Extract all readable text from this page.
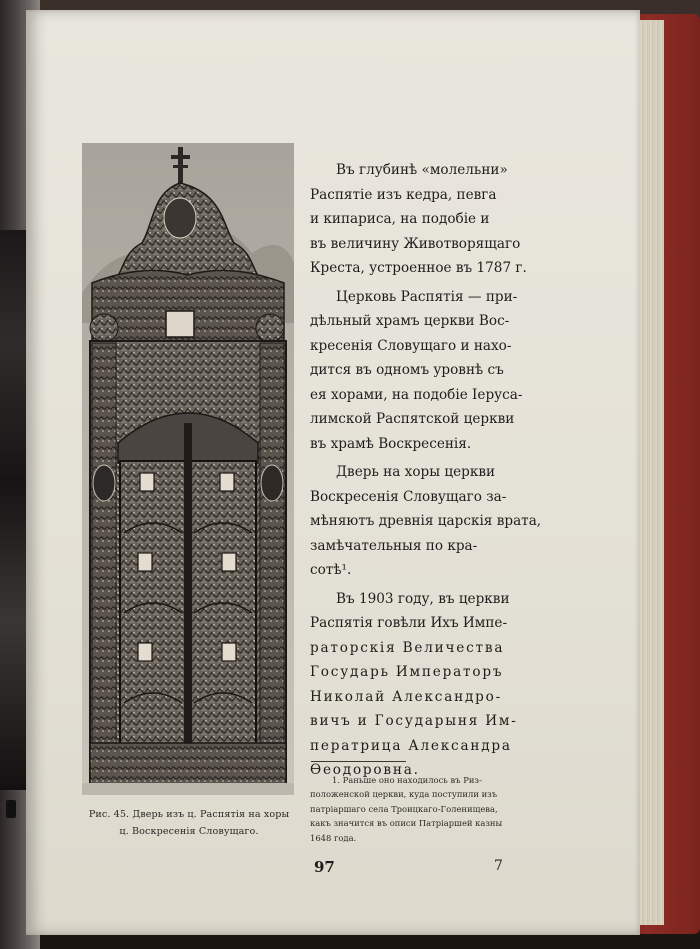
Рис. 45. Дверь изъ ц. Распятія на хоры
ц. Воскресенія Словущаго.

Въ глубинѣ «молельни»
Распятіе изъ кедра, певга
и кипариса, на подобіе и
въ величину Животворящаго
Креста, устроенное въ 1787 г.

Церковь Распятія — при-
дѣльный храмъ церкви Вос-
кресенія Словущаго и нахо-
дится въ одномъ уровнѣ съ
ея хорами, на подобіе Іеруса-
лимской Распятской церкви
въ храмѣ Воскресенія.

Дверь на хоры церкви
Воскресенія Словущаго за-
мѣняютъ древнія царскія врата,
замѣчательныя по кра-
сотѣ¹.

Въ 1903 году, въ церкви
Распятія говѣли Ихъ Импе-
раторскія Величества
Государь Императоръ
Николай Александро-
вичъ и Государыня Им-
ператрица Александра
Ѳеодоровна.

1. Раньше оно находилось въ Риз-
положенской церкви, куда поступили изъ
патріаршаго села Троицкаго-Голенищева,
какъ значится въ описи Патріаршей казны
1648 года.

97	7
